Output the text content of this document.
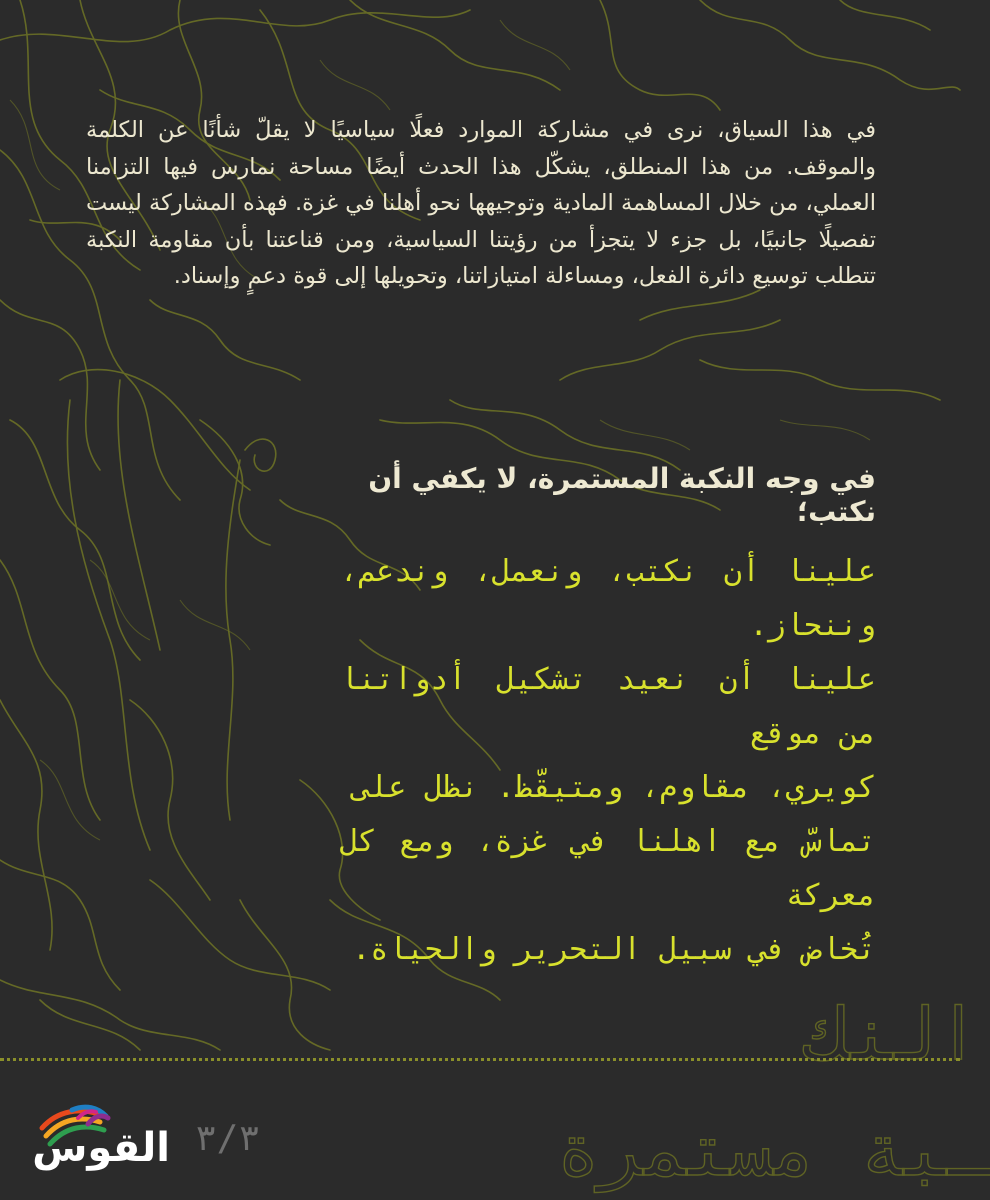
في هذا السياق، نرى في مشاركة الموارد فعلًا سياسيًا لا يقلّ شأنًا عن الكلمة والموقف. من هذا المنطلق، يشكّل هذا الحدث أيضًا مساحة نمارس فيها التزامنا العملي، من خلال المساهمة المادية وتوجيهها نحو أهلنا في غزة. فهذه المشاركة ليست تفصيلًا جانبيًا، بل جزء لا يتجزأ من رؤيتنا السياسية، ومن قناعتنا بأن مقاومة النكبة تتطلب توسيع دائرة الفعل، ومساءلة امتيازاتنا، وتحويلها إلى قوة دعمٍ وإسناد.

في وجه النكبة المستمرة، لا يكفي أن نكتب؛
علينا أن نكتب، ونعمل، وندعم، وننحاز.
علينا أن نعيد تشكيل أدواتنا من موقع
كويري، مقاوم، ومتيقّظ. نظل على
تماسّ مع اهلنا في غزة، ومع كل معركة
تُخاض في سبيل التحرير والحياة.
النك
ـبة مستمرة
٣/٣
القوس
